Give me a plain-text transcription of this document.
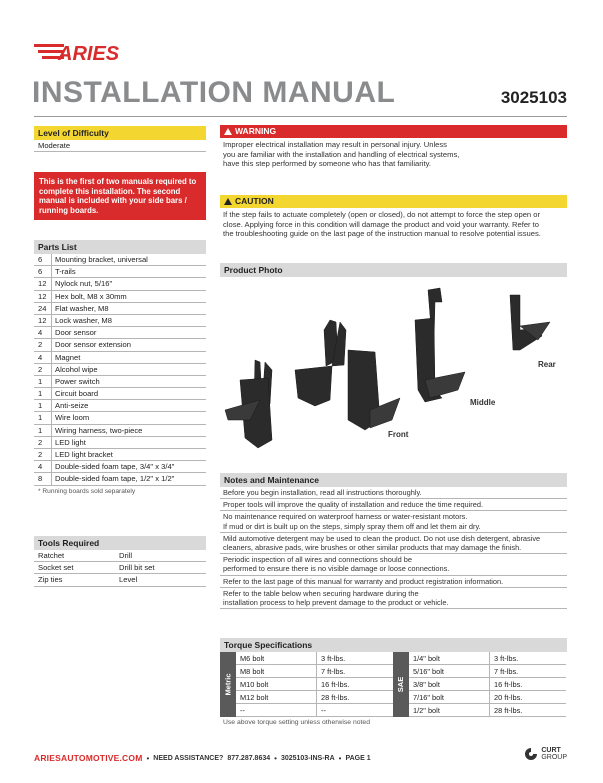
ARIES
INSTALLATION MANUAL	3025103
Level of Difficulty
Moderate
This is the first of two manuals required to complete this installation. The second manual is included with your side bars / running boards.
Parts List
6	Mounting bracket, universal
6	T-rails
12	Nylock nut, 5/16"
12	Hex bolt, M8 x 30mm
24	Flat washer, M8
12	Lock washer, M8
4	Door sensor
2	Door sensor extension
4	Magnet
2	Alcohol wipe
1	Power switch
1	Circuit board
1	Anti-seize
1	Wire loom
1	Wiring harness, two-piece
2	LED light
2	LED light bracket
4	Double-sided foam tape, 3/4" x 3/4"
8	Double-sided foam tape, 1/2" x 1/2"
* Running boards sold separately
Tools Required
Ratchet	Drill
Socket set	Drill bit set
Zip ties	Level
WARNING
Improper electrical installation may result in personal injury. Unless
you are familiar with the installation and handling of electrical systems,
have this step performed by someone who has that familiarity.
CAUTION
If the step fails to actuate completely (open or closed), do not attempt to force the step open or
close. Applying force in this condition will damage the product and void your warranty. Refer to
the troubleshooting guide on the last page of the instruction manual to resolve potential issues.
Product Photo
Rear
Middle
Front
Notes and Maintenance
Before you begin installation, read all instructions thoroughly.
Proper tools will improve the quality of installation and reduce the time required.
No maintenance required on waterproof harness or water-resistant motors.
If mud or dirt is built up on the steps, simply spray them off and let them air dry.
Mild automotive detergent may be used to clean the product. Do not use dish detergent, abrasive
cleaners, abrasive pads, wire brushes or other similar products that may damage the finish.
Periodic inspection of all wires and connections should be
performed to ensure there is no visible damage or loose connections.
Refer to the last page of this manual for warranty and product registration information.
Refer to the table below when securing hardware during the
installation process to help prevent damage to the product or vehicle.
Torque Specifications
Metric
M6 bolt	3 ft-lbs.
M8 bolt	7 ft-lbs.
M10 bolt	16 ft-lbs.
M12 bolt	28 ft-lbs.
--	--
SAE
1/4" bolt	3 ft-lbs.
5/16" bolt	7 ft-lbs.
3/8" bolt	16 ft-lbs.
7/16" bolt	20 ft-lbs.
1/2" bolt	28 ft-lbs.
Use above torque setting unless otherwise noted
ARIESAUTOMOTIVE.COM • NEED ASSISTANCE? 877.287.8634 • 3025103-INS-RA • PAGE 1
CURT
GROUP
